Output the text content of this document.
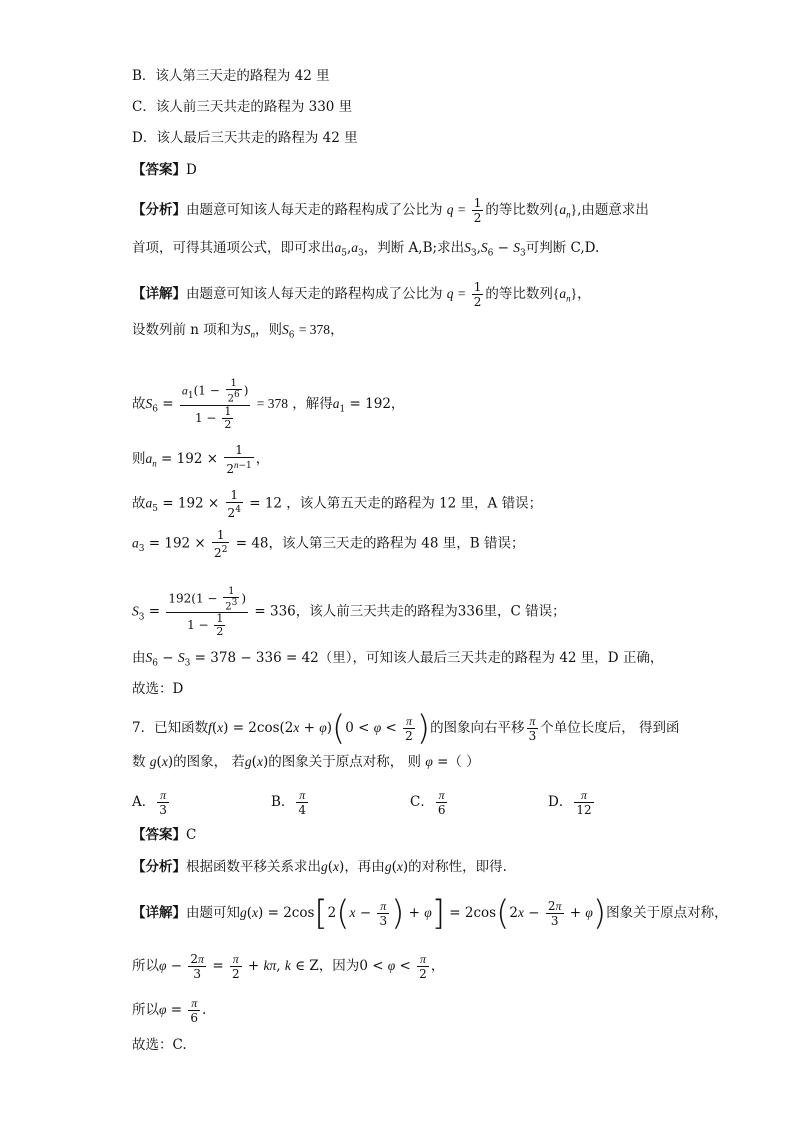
B．该人第三天走的路程为 42 里
C．该人前三天共走的路程为 330 里
D．该人最后三天共走的路程为 42 里
【答案】D
【分析】由题意可知该人每天走的路程构成了公比为 $q = \frac{1}{2}$ 的等比数列$\{a_n\}$,由题意求出
首项，可得其通项公式，即可求出$a_5,a_3$，判断 A,B;求出$S_3,S_6 - S_3$可判断 C,D.
【详解】由题意可知该人每天走的路程构成了公比为 $q = \frac{1}{2}$ 的等比数列$\{a_n\}$，
设数列前 n 项和为$S_n$，则$S_6 = 378$，
故$S_6 = \frac{a_1(1 - \frac{1}{2^6} )}{1 - \frac{1}{2}} = 378$ ，解得$a_1 = 192$，
则$a_n = 192 \times \frac{1}{2^{n-1}}$ ，
故$a_5 = 192 \times \frac{1}{2^4} = 12$ ，该人第五天走的路程为 12 里，A 错误；
$a_3 = 192 \times \frac{1}{2^2} = 48$，该人第三天走的路程为 48 里，B 错误；
$S_3 = \frac{192(1 - \frac{1}{2^3} )}{1 - \frac{1}{2}} = 336$，该人前三天共走的路程为336里，C 错误；
由$S_6 - S_3 = 378 - 336 = 42$（里），可知该人最后三天共走的路程为 42 里，D 正确，
故选：D
7．已知函数$f(x) = 2\cos(2x + \varphi)(0 < \varphi < \frac{\pi}{2}$ )的图象向右平移 $\frac{\pi}{3}$ 个单位长度后， 得到函
数 g(x)的图象， 若g(x)的图象关于原点对称， 则 φ =（ ）
A． $\frac{\pi}{3}$	B． $\frac{\pi}{4}$	C． $\frac{\pi}{6}$	D． $\frac{\pi}{12}$
【答案】C
【分析】根据函数平移关系求出g(x)，再由g(x)的对称性，即得.
【详解】由题可知$g(x) = 2\cos[2(x - \frac{\pi}{3}$ ) + $\varphi] = 2\cos(2x - \frac{2\pi}{3} + \varphi)$图象关于原点对称，
所以$\varphi - \frac{2\pi}{3} = \frac{\pi}{2} + k\pi$, k ∈ Z，因为$0 < \varphi < \frac{\pi}{2}$ ，
所以$\varphi = \frac{\pi}{6}$ .
故选：C.
